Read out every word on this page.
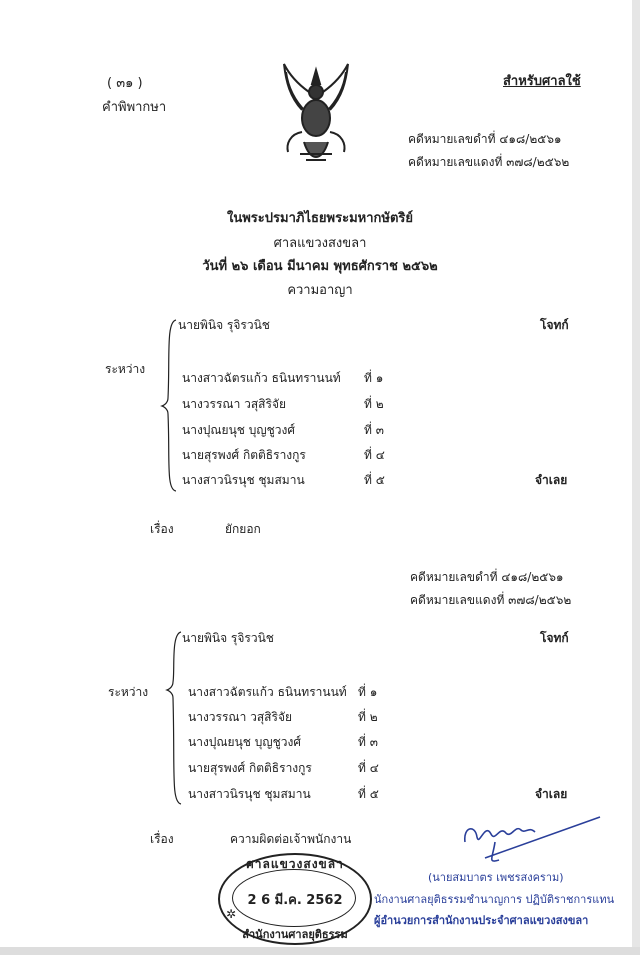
( ๓๑ )
คำพิพากษา
สำหรับศาลใช้
คดีหมายเลขดำที่ ๔๑๘/๒๕๖๑
คดีหมายเลขแดงที่ ๓๗๘/๒๕๖๒
ในพระปรมาภิไธยพระมหากษัตริย์
ศาลแขวงสงขลา
วันที่ ๒๖ เดือน มีนาคม พุทธศักราช ๒๕๖๒
ความอาญา
นายพินิจ รุจิรวนิช	โจทก์
ระหว่าง
นางสาวฉัตรแก้ว ธนินทรานนท์ ที่ ๑
นางวรรณา วสุสิริจัย	ที่ ๒
นางปุณยนุช บุญชูวงศ์	ที่ ๓
นายสุรพงศ์ กิตติธิรางกูร	ที่ ๔
นางสาวนิรนุช ชุมสมาน	ที่ ๕	จำเลย
เรื่อง	ยักยอก
คดีหมายเลขดำที่ ๔๑๘/๒๕๖๑
คดีหมายเลขแดงที่ ๓๗๘/๒๕๖๒
นายพินิจ รุจิรวนิช	โจทก์
ระหว่าง	นางสาวฉัตรแก้ว ธนินทรานนท์ ที่ ๑
นางวรรณา วสุสิริจัย	ที่ ๒
นางปุณยนุช บุญชูวงศ์	ที่ ๓
นายสุรพงศ์ กิตติธิรางกูร	ที่ ๔
นางสาวนิรนุช ชุมสมาน	ที่ ๕	จำเลย
เรื่อง	ความผิดต่อเจ้าพนักงาน
ศาลแขวงสงขลา
2 6 มี.ค. 2562
สำนักงานศาลยุติธรรม
✲
(นายสมบาตร เพชรสงคราม)
นักงานศาลยุติธรรมชำนาญการ ปฏิบัติราชการแทน
ผู้อำนวยการสำนักงานประจำศาลแขวงสงขลา
